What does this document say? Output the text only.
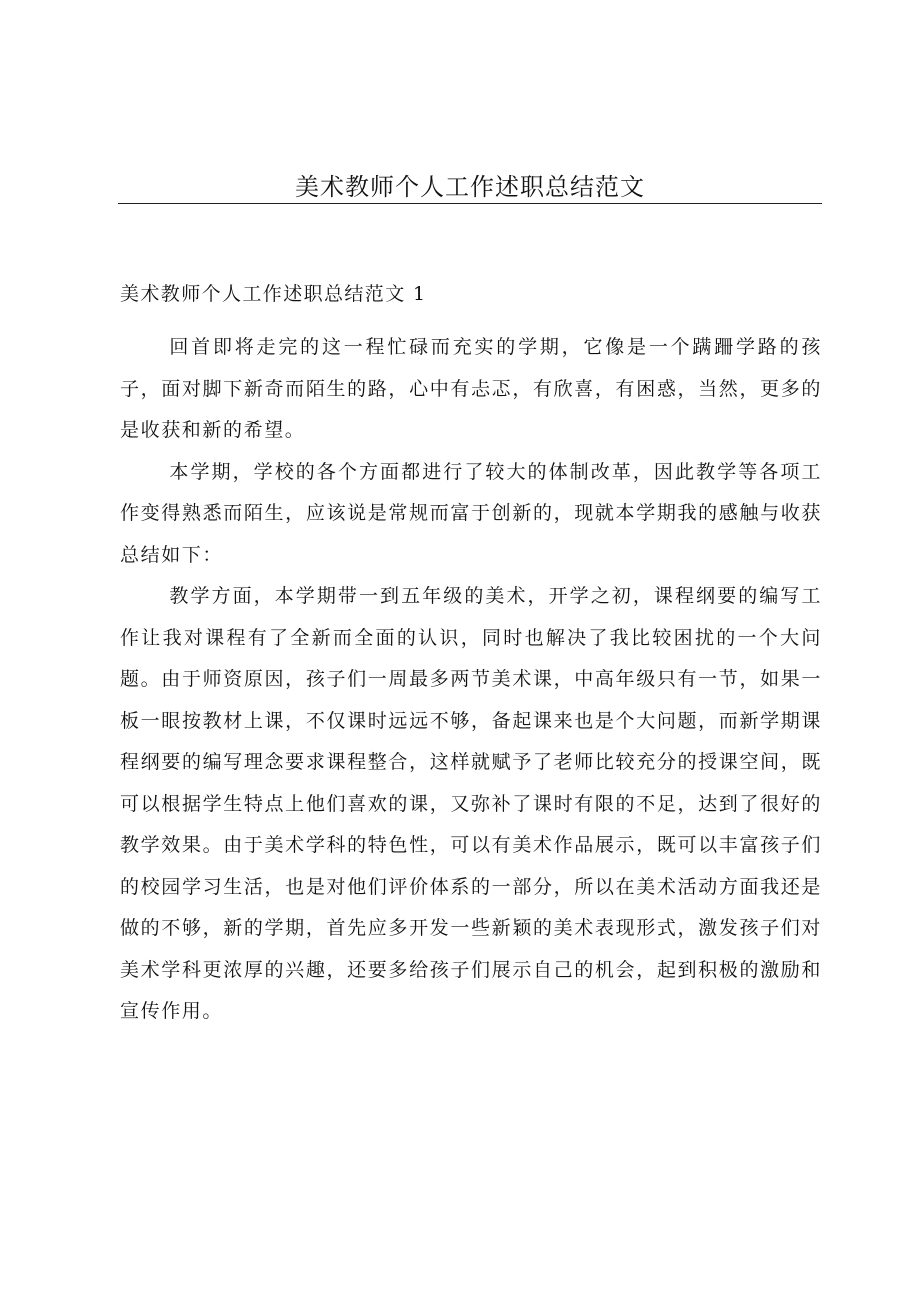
美术教师个人工作述职总结范文
美术教师个人工作述职总结范文 1

回首即将走完的这一程忙碌而充实的学期，它像是一个蹒跚学路的孩子，面对脚下新奇而陌生的路，心中有忐忑，有欣喜，有困惑，当然，更多的是收获和新的希望。

本学期，学校的各个方面都进行了较大的体制改革，因此教学等各项工作变得熟悉而陌生，应该说是常规而富于创新的，现就本学期我的感触与收获总结如下：

教学方面，本学期带一到五年级的美术，开学之初，课程纲要的编写工作让我对课程有了全新而全面的认识，同时也解决了我比较困扰的一个大问题。由于师资原因，孩子们一周最多两节美术课，中高年级只有一节，如果一板一眼按教材上课，不仅课时远远不够，备起课来也是个大问题，而新学期课程纲要的编写理念要求课程整合，这样就赋予了老师比较充分的授课空间，既可以根据学生特点上他们喜欢的课，又弥补了课时有限的不足，达到了很好的教学效果。由于美术学科的特色性，可以有美术作品展示，既可以丰富孩子们的校园学习生活，也是对他们评价体系的一部分，所以在美术活动方面我还是做的不够，新的学期，首先应多开发一些新颖的美术表现形式，激发孩子们对美术学科更浓厚的兴趣，还要多给孩子们展示自己的机会，起到积极的激励和宣传作用。
